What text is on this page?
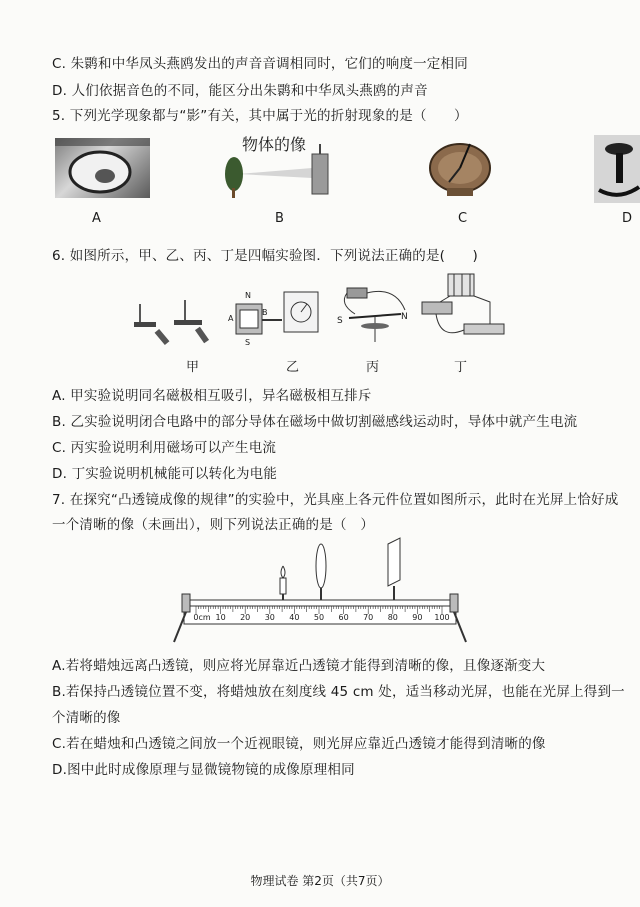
C. 朱鹮和中华凤头燕鸥发出的声音音调相同时，它们的响度一定相同
D. 人们依据音色的不同，能区分出朱鹮和中华凤头燕鸥的声音
5. 下列光学现象都与“影”有关，其中属于光的折射现象的是（　　）
A
物体的像
B	C	D
6. 如图所示，甲、乙、丙、丁是四幅实验图．下列说法正确的是(　　)
甲
N
S
A
B
乙
S	N
丙	丁
A. 甲实验说明同名磁极相互吸引，异名磁极相互排斥
B. 乙实验说明闭合电路中的部分导体在磁场中做切割磁感线运动时，导体中就产生电流
C. 丙实验说明利用磁场可以产生电流
D. 丁实验说明机械能可以转化为电能
7. 在探究“凸透镜成像的规律”的实验中，光具座上各元件位置如图所示，此时在光屏上恰好成
一个清晰的像（未画出），则下列说法正确的是（　）
0cm 10 20 30 40 50 60 70 80 90 100
A.若将蜡烛远离凸透镜，则应将光屏靠近凸透镜才能得到清晰的像，且像逐渐变大
B.若保持凸透镜位置不变，将蜡烛放在刻度线 45 cm 处，适当移动光屏，也能在光屏上得到一
个清晰的像
C.若在蜡烛和凸透镜之间放一个近视眼镜，则光屏应靠近凸透镜才能得到清晰的像
D.图中此时成像原理与显微镜物镜的成像原理相同
物理试卷 第2页（共7页）
